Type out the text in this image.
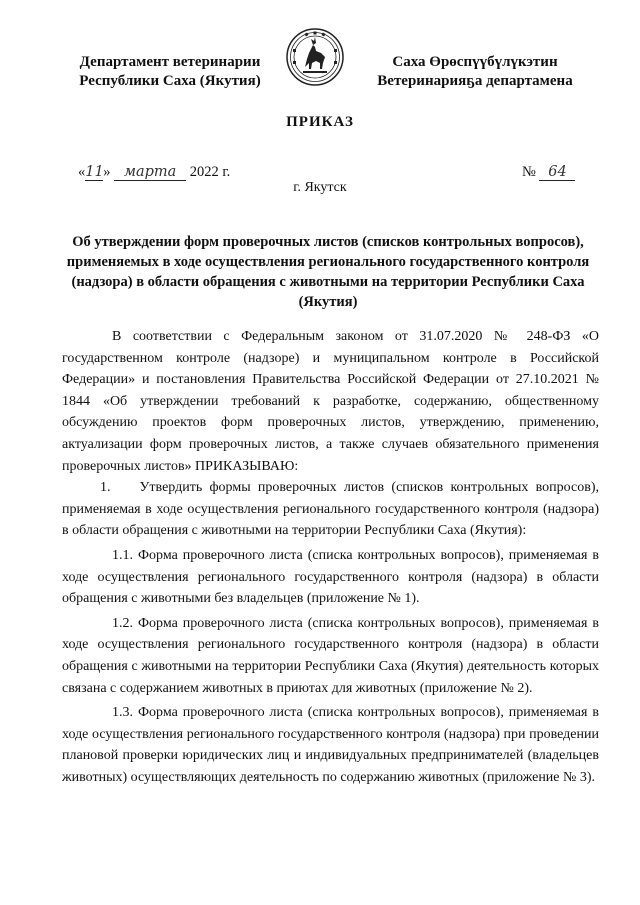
Департамент ветеринарии
Республики Саха (Якутия)
Саха Өрөспүүбүлүкэтин
Ветеринарияҕа департамена
ПРИКАЗ
«11» марта 2022 г.	№ 64
г. Якутск
Об утверждении форм проверочных листов (списков контрольных вопросов), применяемых в ходе осуществления регионального государственного контроля (надзора) в области обращения с животными на территории Республики Саха (Якутия)

В соответствии с Федеральным законом от 31.07.2020 № 248-ФЗ «О государственном контроле (надзоре) и муниципальном контроле в Российской Федерации» и постановления Правительства Российской Федерации от 27.10.2021 № 1844 «Об утверждении требований к разработке, содержанию, общественному обсуждению проектов форм проверочных листов, утверждению, применению, актуализации форм проверочных листов, а также случаев обязательного применения проверочных листов» ПРИКАЗЫВАЮ:

1.    Утвердить формы проверочных листов (списков контрольных вопросов), применяемая в ходе осуществления регионального государственного контроля (надзора) в области обращения с животными на территории Республики Саха (Якутия):

1.1. Форма проверочного листа (списка контрольных вопросов), применяемая в ходе осуществления регионального государственного контроля (надзора) в области обращения с животными без владельцев (приложение № 1).

1.2. Форма проверочного листа (списка контрольных вопросов), применяемая в ходе осуществления регионального государственного контроля (надзора) в области обращения с животными на территории Республики Саха (Якутия) деятельность которых связана с содержанием животных в приютах для животных (приложение № 2).

1.3. Форма проверочного листа (списка контрольных вопросов), применяемая в ходе осуществления регионального государственного контроля (надзора) при проведении плановой проверки юридических лиц и индивидуальных предпринимателей (владельцев животных) осуществляющих деятельность по содержанию животных (приложение № 3).
